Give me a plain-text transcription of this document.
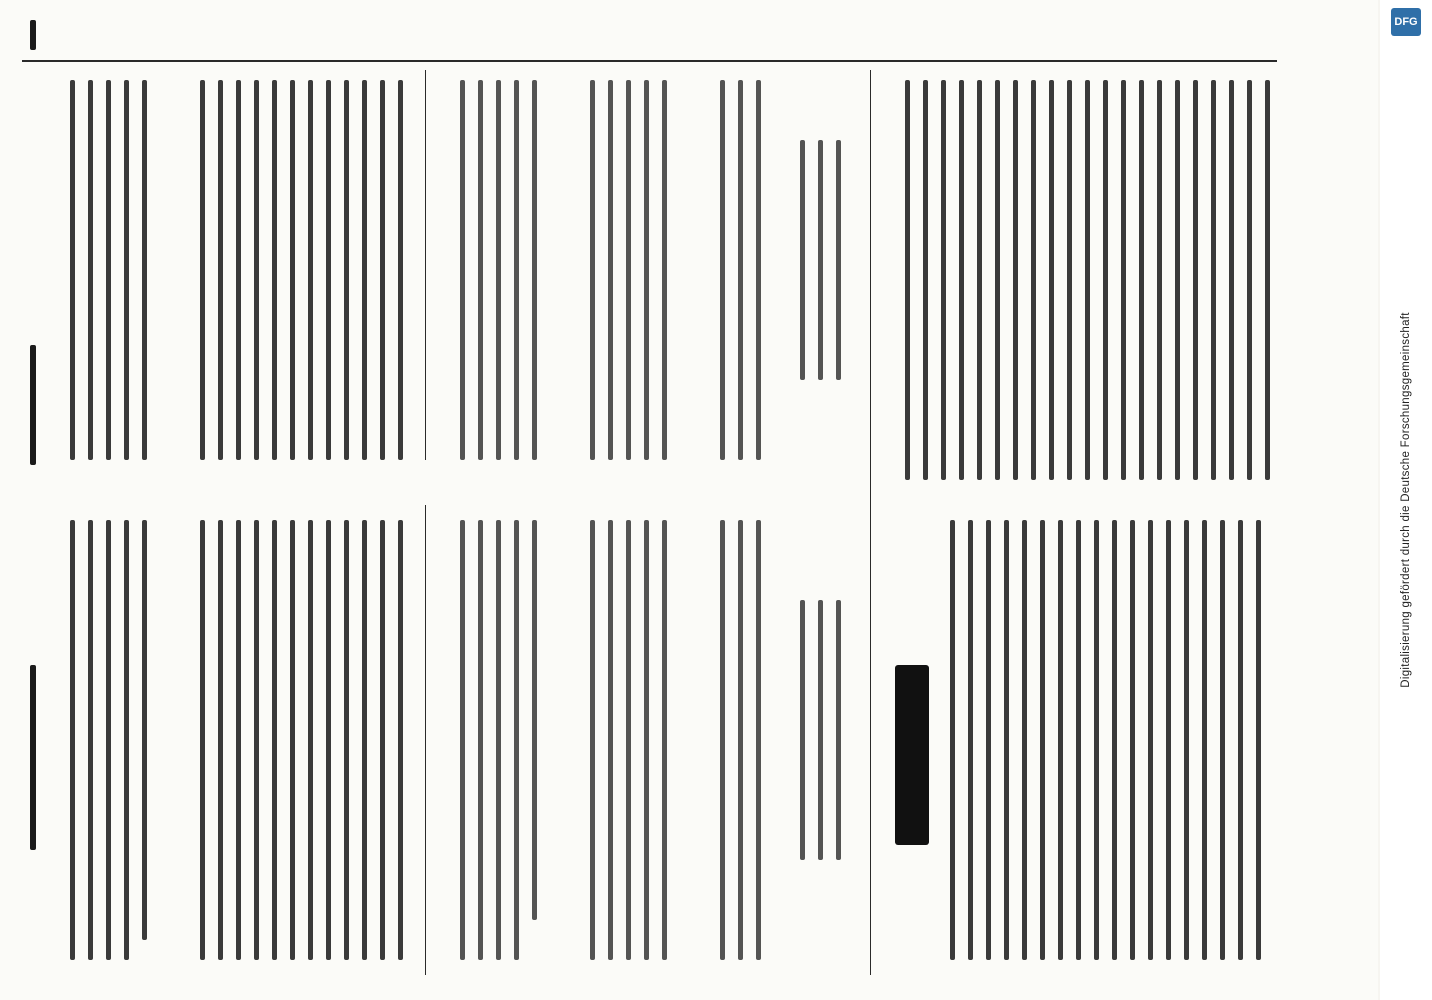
DFG
Digitalisierung gefördert durch die Deutsche Forschungsgemeinschaft
